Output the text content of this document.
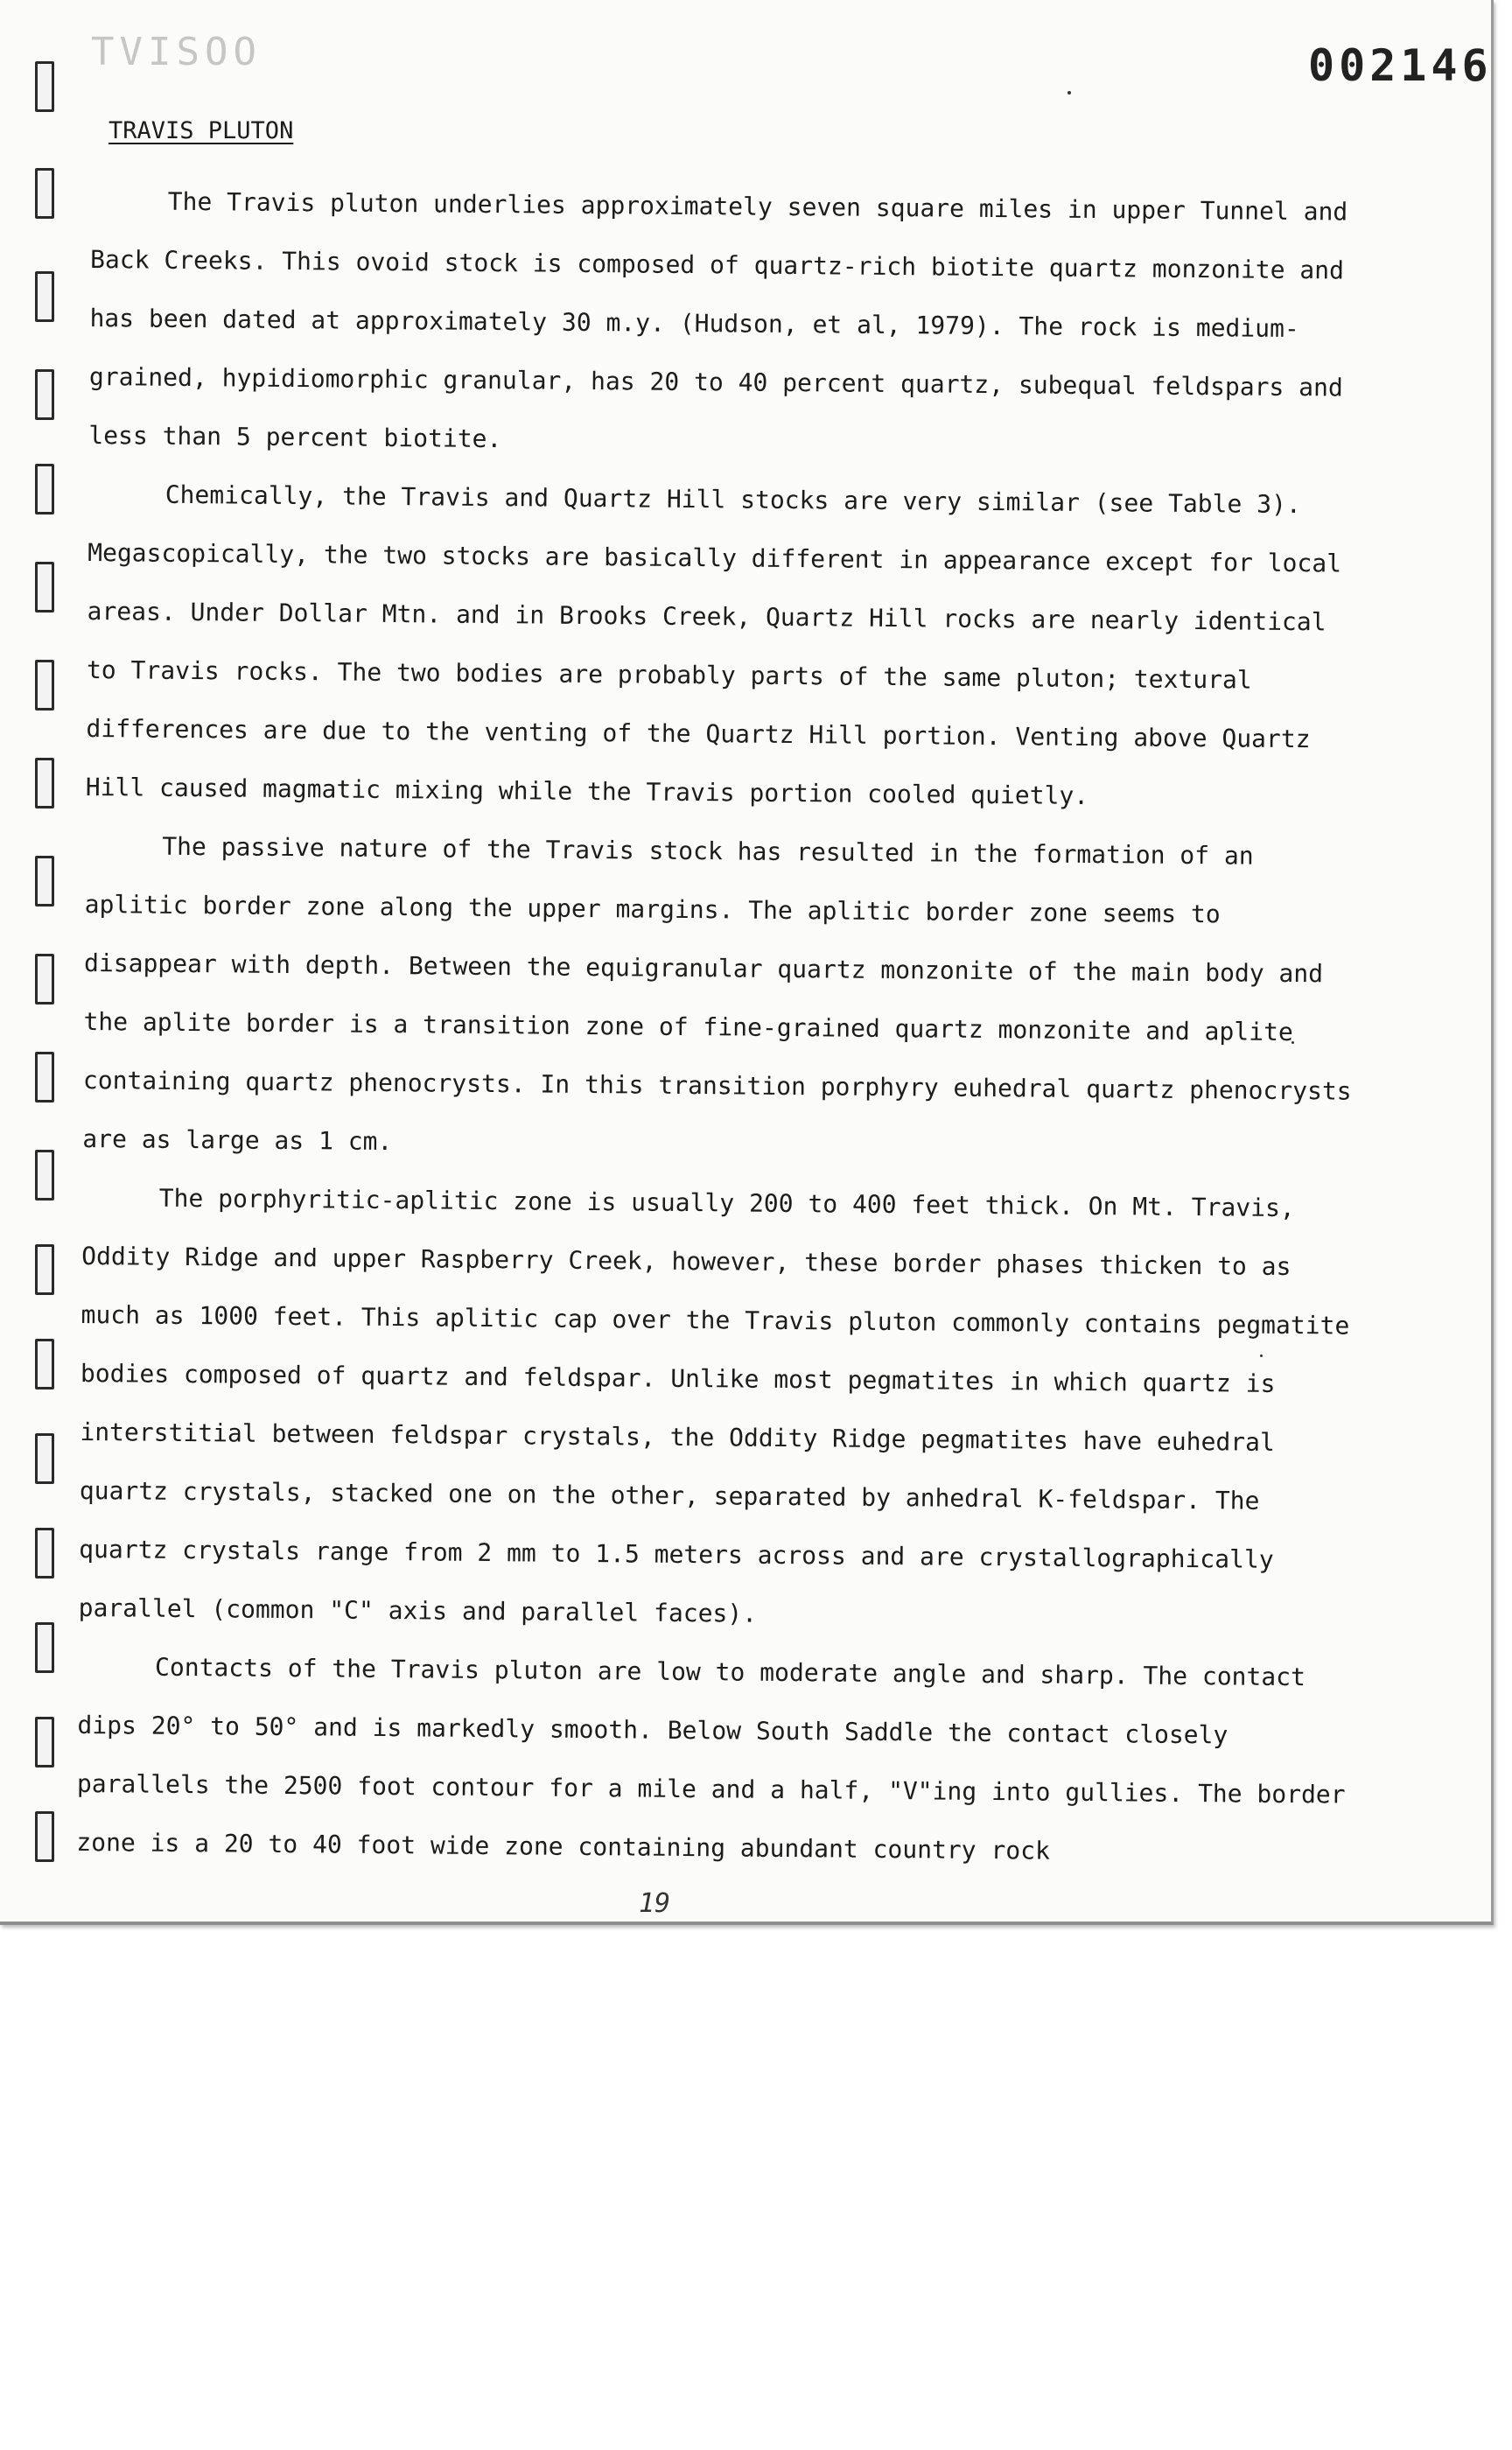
TVISOO	002146
TRAVIS PLUTON

The Travis pluton underlies approximately seven square miles in upper Tunnel and Back Creeks. This ovoid stock is composed of quartz-rich biotite quartz monzonite and has been dated at approximately 30 m.y. (Hudson, et al, 1979). The rock is medium-grained, hypidiomorphic granular, has 20 to 40 percent quartz, subequal feldspars and less than 5 percent biotite.

Chemically, the Travis and Quartz Hill stocks are very similar (see Table 3). Megascopically, the two stocks are basically different in appearance except for local areas. Under Dollar Mtn. and in Brooks Creek, Quartz Hill rocks are nearly identical to Travis rocks. The two bodies are probably parts of the same pluton; textural differences are due to the venting of the Quartz Hill portion. Venting above Quartz Hill caused magmatic mixing while the Travis portion cooled quietly.

The passive nature of the Travis stock has resulted in the formation of an aplitic border zone along the upper margins. The aplitic border zone seems to disappear with depth. Between the equigranular quartz monzonite of the main body and the aplite border is a transition zone of fine-grained quartz monzonite and aplite containing quartz phenocrysts. In this transition porphyry euhedral quartz phenocrysts are as large as 1 cm.

The porphyritic-aplitic zone is usually 200 to 400 feet thick. On Mt. Travis, Oddity Ridge and upper Raspberry Creek, however, these border phases thicken to as much as 1000 feet. This aplitic cap over the Travis pluton commonly contains pegmatite bodies composed of quartz and feldspar. Unlike most pegmatites in which quartz is interstitial between feldspar crystals, the Oddity Ridge pegmatites have euhedral quartz crystals, stacked one on the other, separated by anhedral K-feldspar. The quartz crystals range from 2 mm to 1.5 meters across and are crystallographically parallel (common "C" axis and parallel faces).

Contacts of the Travis pluton are low to moderate angle and sharp. The contact dips 20° to 50° and is markedly smooth. Below South Saddle the contact closely parallels the 2500 foot contour for a mile and a half, "V"ing into gullies. The border zone is a 20 to 40 foot wide zone containing abundant country rock

19
